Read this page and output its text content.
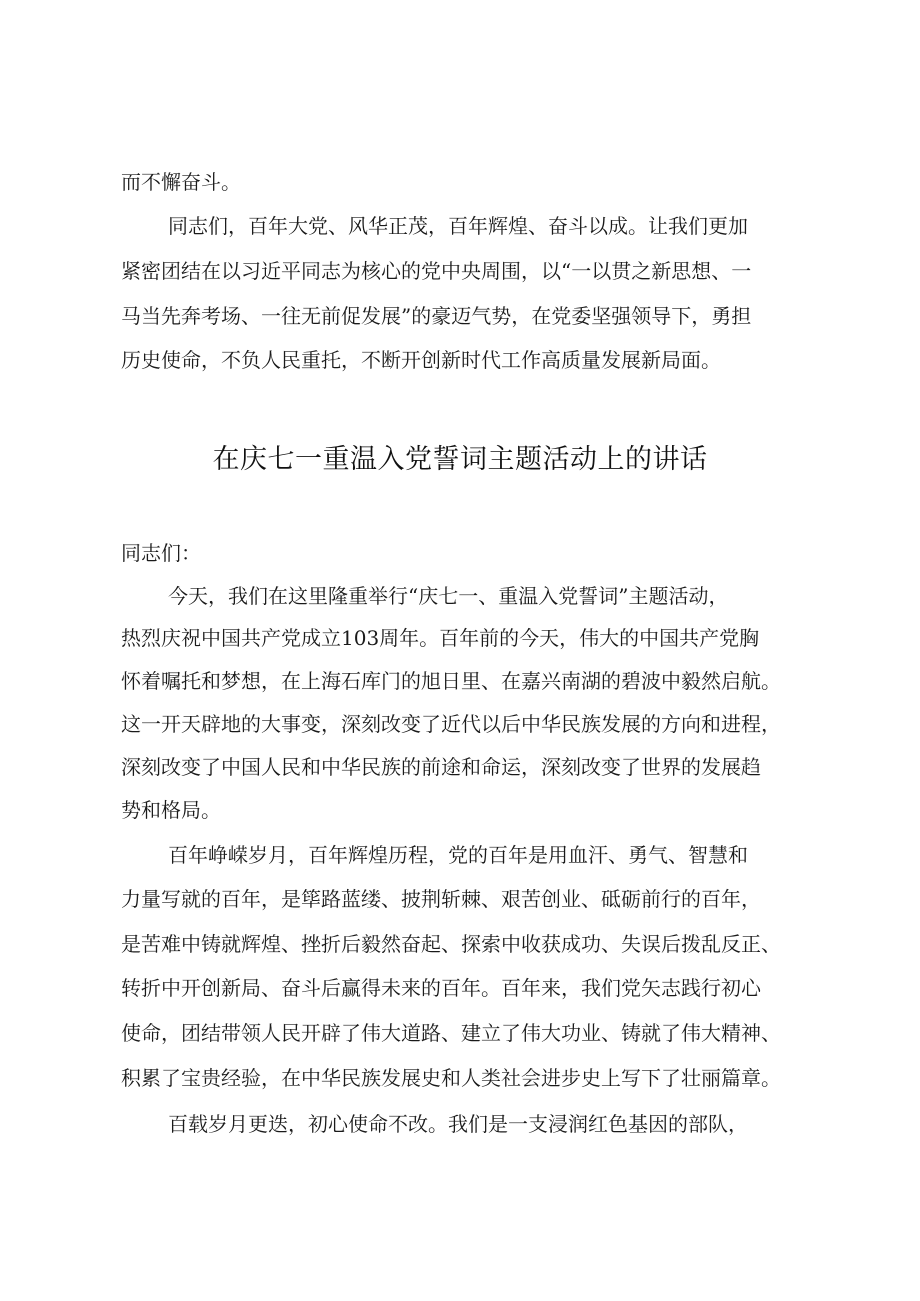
而不懈奋斗。
同志们，百年大党、风华正茂，百年辉煌、奋斗以成。让我们更加
紧密团结在以习近平同志为核心的党中央周围，以“一以贯之新思想、一
马当先奔考场、一往无前促发展”的豪迈气势，在党委坚强领导下，勇担
历史使命，不负人民重托，不断开创新时代工作高质量发展新局面。
在庆七一重温入党誓词主题活动上的讲话
同志们：
今天，我们在这里隆重举行“庆七一、重温入党誓词”主题活动，
热烈庆祝中国共产党成立103周年。百年前的今天，伟大的中国共产党胸
怀着嘱托和梦想，在上海石库门的旭日里、在嘉兴南湖的碧波中毅然启航。
这一开天辟地的大事变，深刻改变了近代以后中华民族发展的方向和进程，
深刻改变了中国人民和中华民族的前途和命运，深刻改变了世界的发展趋
势和格局。
百年峥嵘岁月，百年辉煌历程，党的百年是用血汗、勇气、智慧和
力量写就的百年，是筚路蓝缕、披荆斩棘、艰苦创业、砥砺前行的百年，
是苦难中铸就辉煌、挫折后毅然奋起、探索中收获成功、失误后拨乱反正、
转折中开创新局、奋斗后赢得未来的百年。百年来，我们党矢志践行初心
使命，团结带领人民开辟了伟大道路、建立了伟大功业、铸就了伟大精神、
积累了宝贵经验，在中华民族发展史和人类社会进步史上写下了壮丽篇章。
百载岁月更迭，初心使命不改。我们是一支浸润红色基因的部队，
